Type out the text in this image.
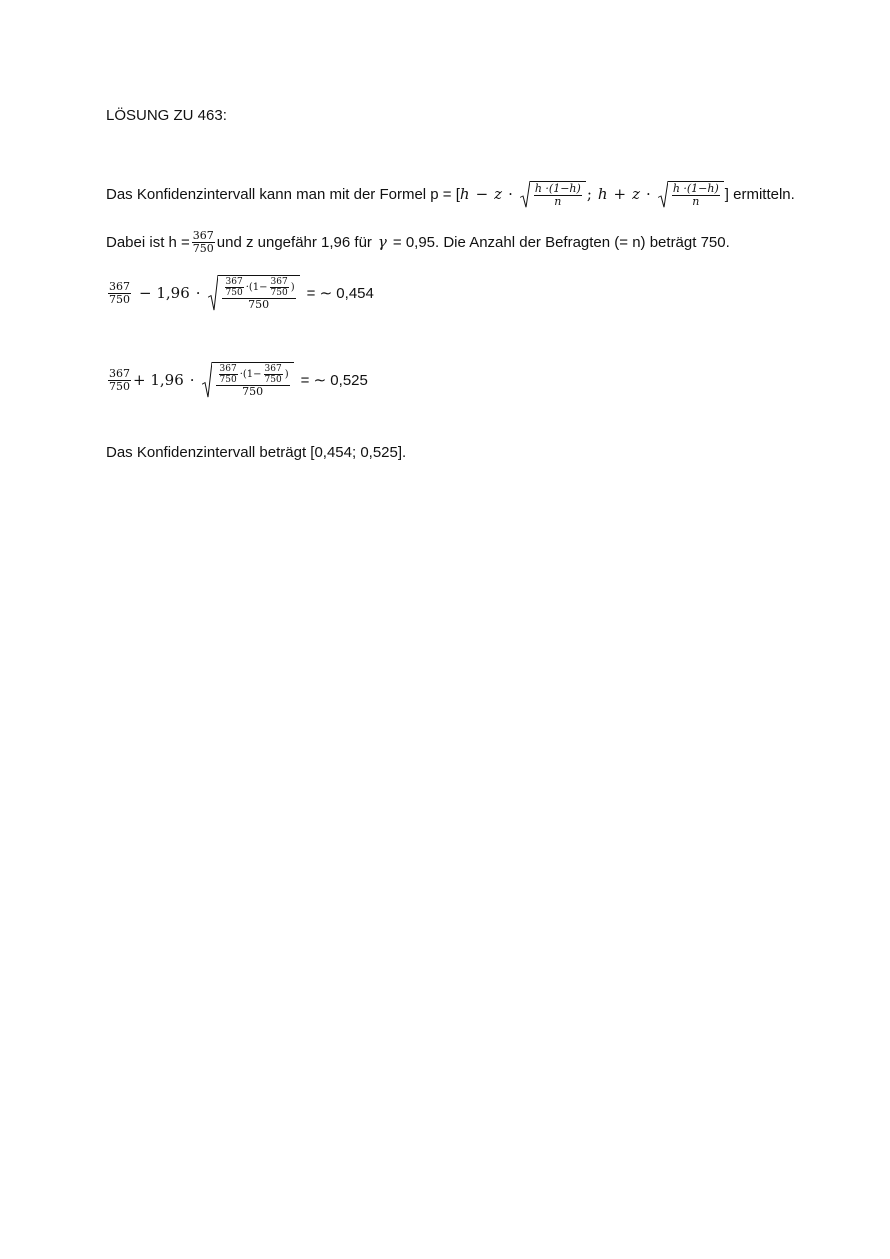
LÖSUNG ZU 463:
Das Konfidenzintervall kann man mit der Formel p = [ $h - z \cdot \frac{h \cdot(1-h)}{n}$ ; $h + z \cdot \frac{h \cdot(1-h)}{n}$ ] ermitteln.
Dabei ist $h = \frac{367}{750}$ und z ungefähr 1,96 für γ = 0,95. Die Anzahl der Befragten (= n) beträgt 750.
$\frac{367}{750} - 1,96 \cdot \frac{\frac{367}{750} \cdot(1- \frac{367}{750} )}{750}$ = ∼ 0,454
$\frac{367}{750} + 1,96 \cdot \frac{\frac{367}{750} \cdot(1- \frac{367}{750} )}{750}$ = ∼ 0,525
Das Konfidenzintervall beträgt [0,454; 0,525].
